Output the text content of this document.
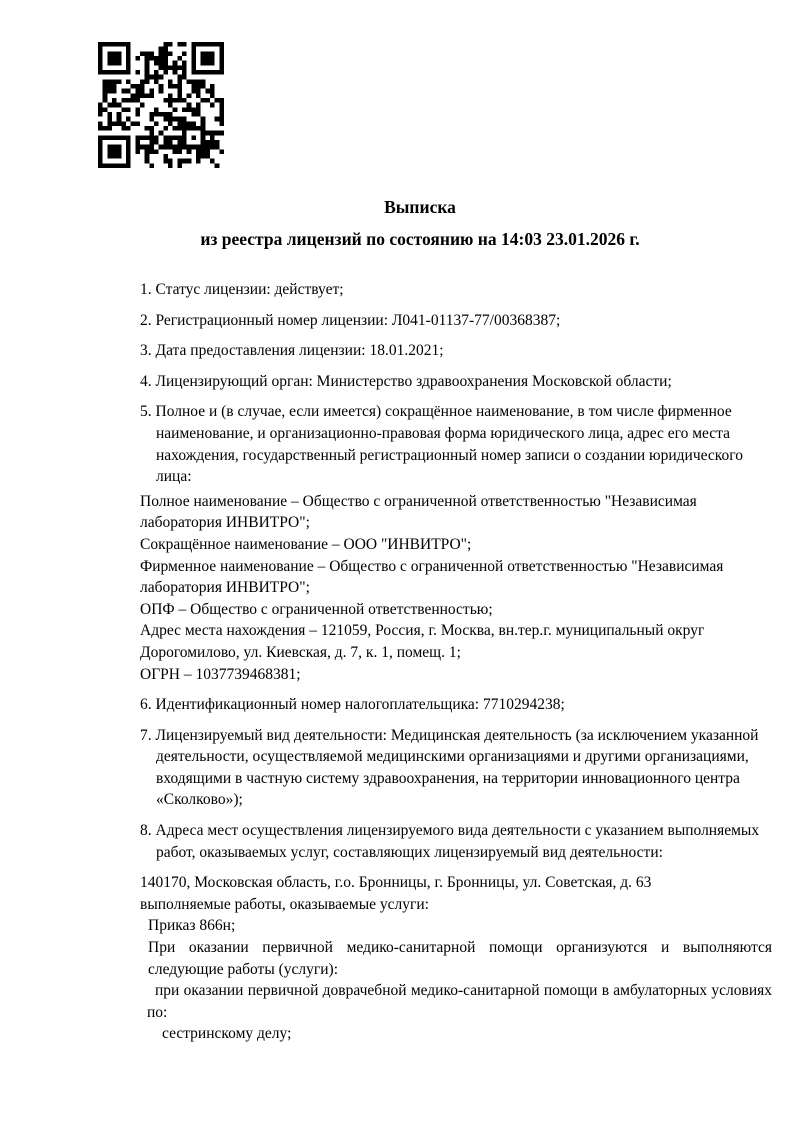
Выписка
из реестра лицензий по состоянию на 14:03 23.01.2026 г.

1. Статус лицензии: действует;

2. Регистрационный номер лицензии: Л041-01137-77/00368387;

3. Дата предоставления лицензии: 18.01.2021;

4. Лицензирующий орган: Министерство здравоохранения Московской области;

5. Полное и (в случае, если имеется) сокращённое наименование, в том числе фирменное наименование, и организационно-правовая форма юридического лица, адрес его места нахождения, государственный регистрационный номер записи о создании юридического лица:

Полное наименование – Общество с ограниченной ответственностью "Независимая лаборатория ИНВИТРО";
Сокращённое наименование – ООО "ИНВИТРО";
Фирменное наименование – Общество с ограниченной ответственностью "Независимая лаборатория ИНВИТРО";
ОПФ – Общество с ограниченной ответственностью;
Адрес места нахождения – 121059, Россия, г. Москва, вн.тер.г. муниципальный округ Дорогомилово, ул. Киевская, д. 7, к. 1, помещ. 1;
ОГРН – 1037739468381;

6. Идентификационный номер налогоплательщика: 7710294238;

7. Лицензируемый вид деятельности: Медицинская деятельность (за исключением указанной деятельности, осуществляемой медицинскими организациями и другими организациями, входящими в частную систему здравоохранения, на территории инновационного центра «Сколково»);

8. Адреса мест осуществления лицензируемого вида деятельности с указанием выполняемых работ, оказываемых услуг, составляющих лицензируемый вид деятельности:

140170, Московская область, г.о. Бронницы, г. Бронницы, ул. Советская, д. 63

выполняемые работы, оказываемые услуги:

Приказ 866н;

При оказании первичной медико-санитарной помощи организуются и выполняются следующие работы (услуги):

при оказании первичной доврачебной медико-санитарной помощи в амбулаторных условиях по:

сестринскому делу;
